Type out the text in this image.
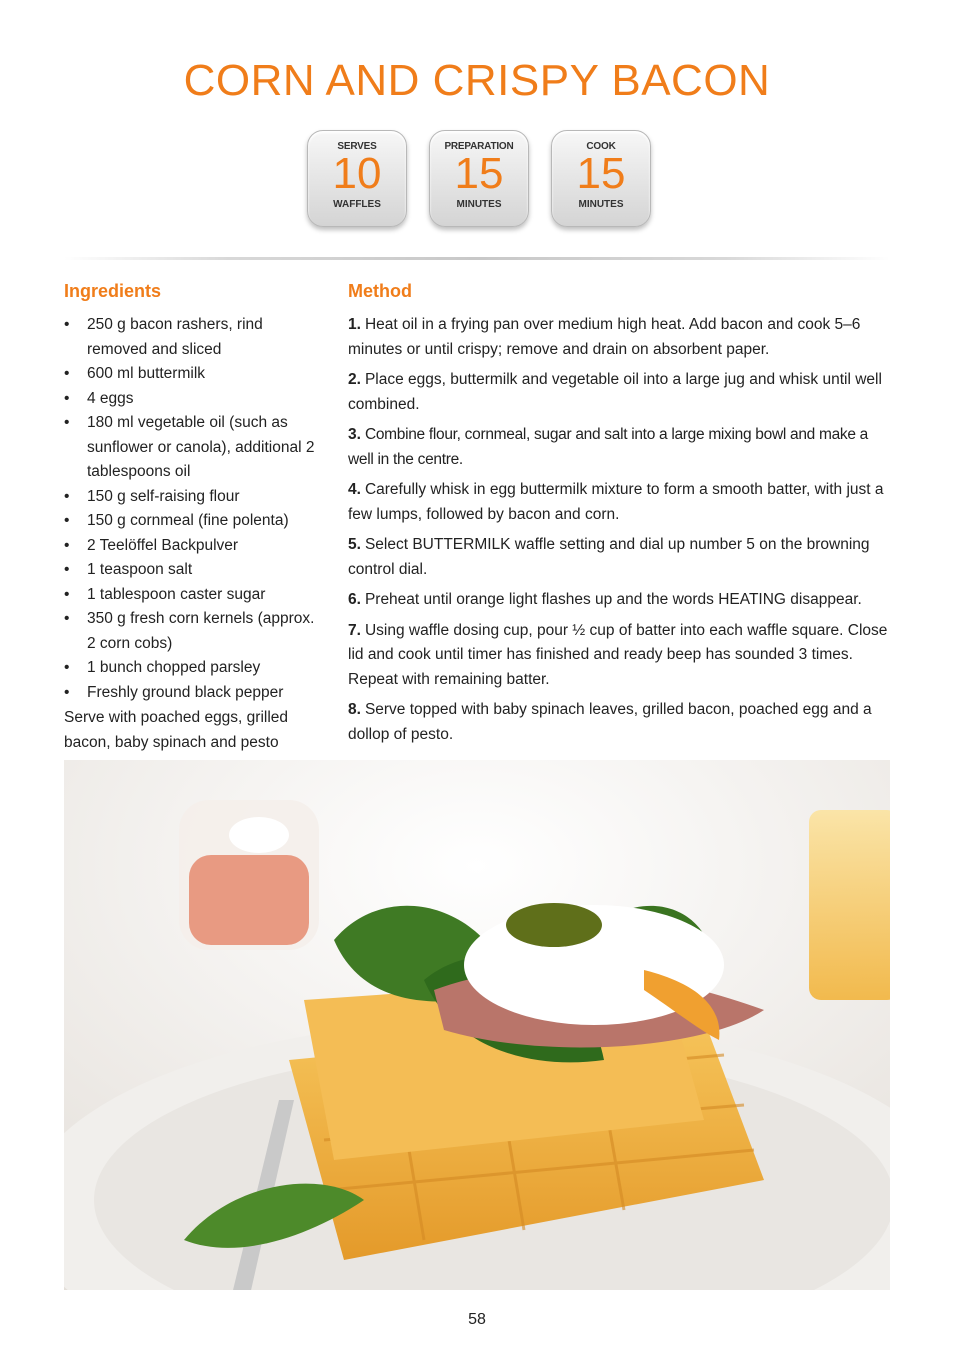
CORN AND CRISPY BACON
SERVES
10
WAFFLES
PREPARATION
15
MINUTES
COOK
15
MINUTES
Ingredients	Method
• 250 g bacon rashers, rind removed and sliced
• 600 ml buttermilk
• 4 eggs
• 180 ml vegetable oil (such as sunflower or canola), additional 2 tablespoons oil
• 150 g self-raising flour
• 150 g cornmeal (fine polenta)
• 2 Teelöffel Backpulver
• 1 teaspoon salt
• 1 tablespoon caster sugar
• 350 g fresh corn kernels (approx. 2 corn cobs)
• 1 bunch chopped parsley
• Freshly ground black pepper
Serve with poached eggs, grilled bacon, baby spinach and pesto

1. Heat oil in a frying pan over medium high heat. Add bacon and cook 5–6 minutes or until crispy; remove and drain on absorbent paper.

2. Place eggs, buttermilk and vegetable oil into a large jug and whisk until well combined.

3. Combine flour, cornmeal, sugar and salt into a large mixing bowl and make a well in the centre.

4. Carefully whisk in egg buttermilk mixture to form a smooth batter, with just a few lumps, followed by bacon and corn.

5. Select BUTTERMILK waffle setting and dial up number 5 on the browning control dial.

6. Preheat until orange light flashes up and the words HEATING disappear.

7. Using waffle dosing cup, pour ½ cup of batter into each waffle square. Close lid and cook until timer has finished and ready beep has sounded 3 times. Repeat with remaining batter.

8. Serve topped with baby spinach leaves, grilled bacon, poached egg and a dollop of pesto.

58
